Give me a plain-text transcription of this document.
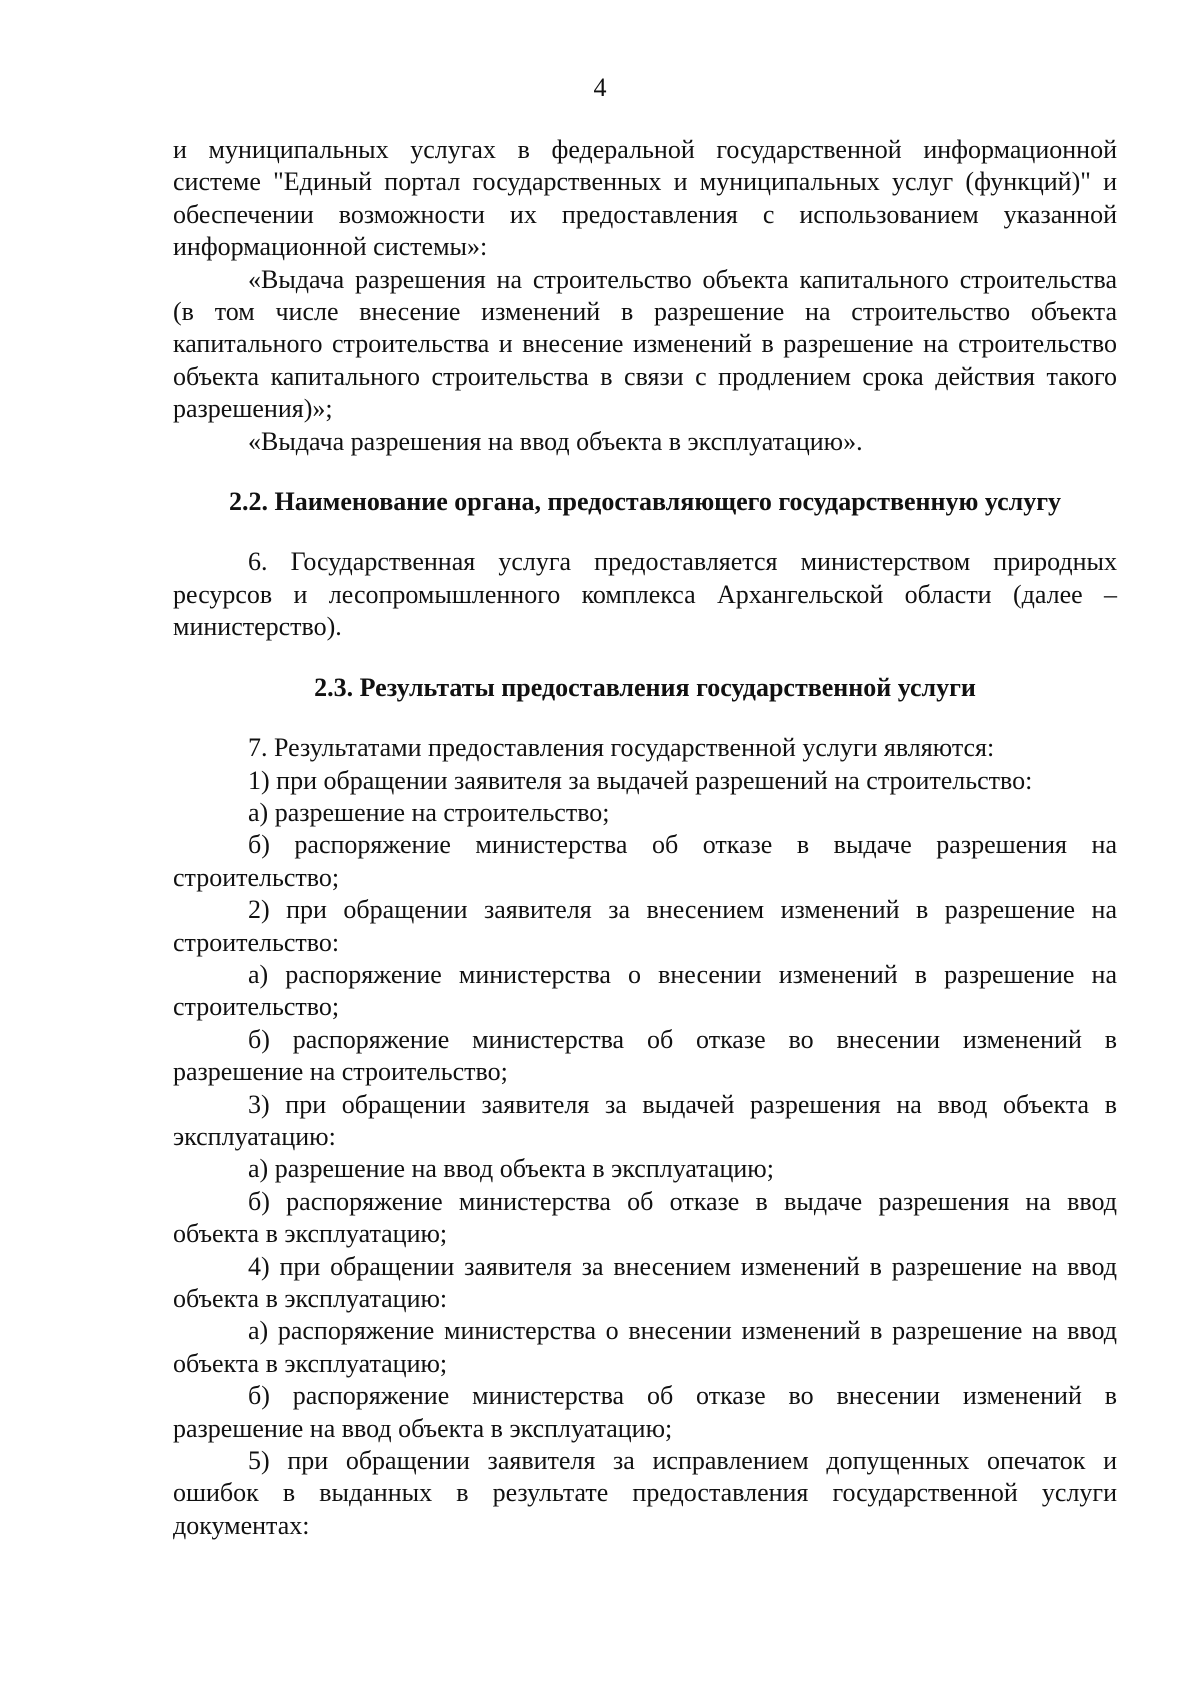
4

и муниципальных услугах в федеральной государственной информационной системе "Единый портал государственных и муниципальных услуг (функций)" и обеспечении возможности их предоставления с использованием указанной информационной системы»:

«Выдача разрешения на строительство объекта капитального строительства (в том числе внесение изменений в разрешение на строительство объекта капитального строительства и внесение изменений в разрешение на строительство объекта капитального строительства в связи с продлением срока действия такого разрешения)»;

«Выдача разрешения на ввод объекта в эксплуатацию».

2.2. Наименование органа, предоставляющего государственную услугу

6. Государственная услуга предоставляется министерством природных ресурсов и лесопромышленного комплекса Архангельской области (далее – министерство).

2.3. Результаты предоставления государственной услуги

7. Результатами предоставления государственной услуги являются:

1) при обращении заявителя за выдачей разрешений на строительство:

а) разрешение на строительство;

б) распоряжение министерства об отказе в выдаче разрешения на строительство;

2) при обращении заявителя за внесением изменений в разрешение на строительство:

а) распоряжение министерства о внесении изменений в разрешение на строительство;

б) распоряжение министерства об отказе во внесении изменений в разрешение на строительство;

3) при обращении заявителя за выдачей разрешения на ввод объекта в эксплуатацию:

а) разрешение на ввод объекта в эксплуатацию;

б) распоряжение министерства об отказе в выдаче разрешения на ввод объекта в эксплуатацию;

4) при обращении заявителя за внесением изменений в разрешение на ввод объекта в эксплуатацию:

а) распоряжение министерства о внесении изменений в разрешение на ввод объекта в эксплуатацию;

б) распоряжение министерства об отказе во внесении изменений в разрешение на ввод объекта в эксплуатацию;

5) при обращении заявителя за исправлением допущенных опечаток и ошибок в выданных в результате предоставления государственной услуги документах:
